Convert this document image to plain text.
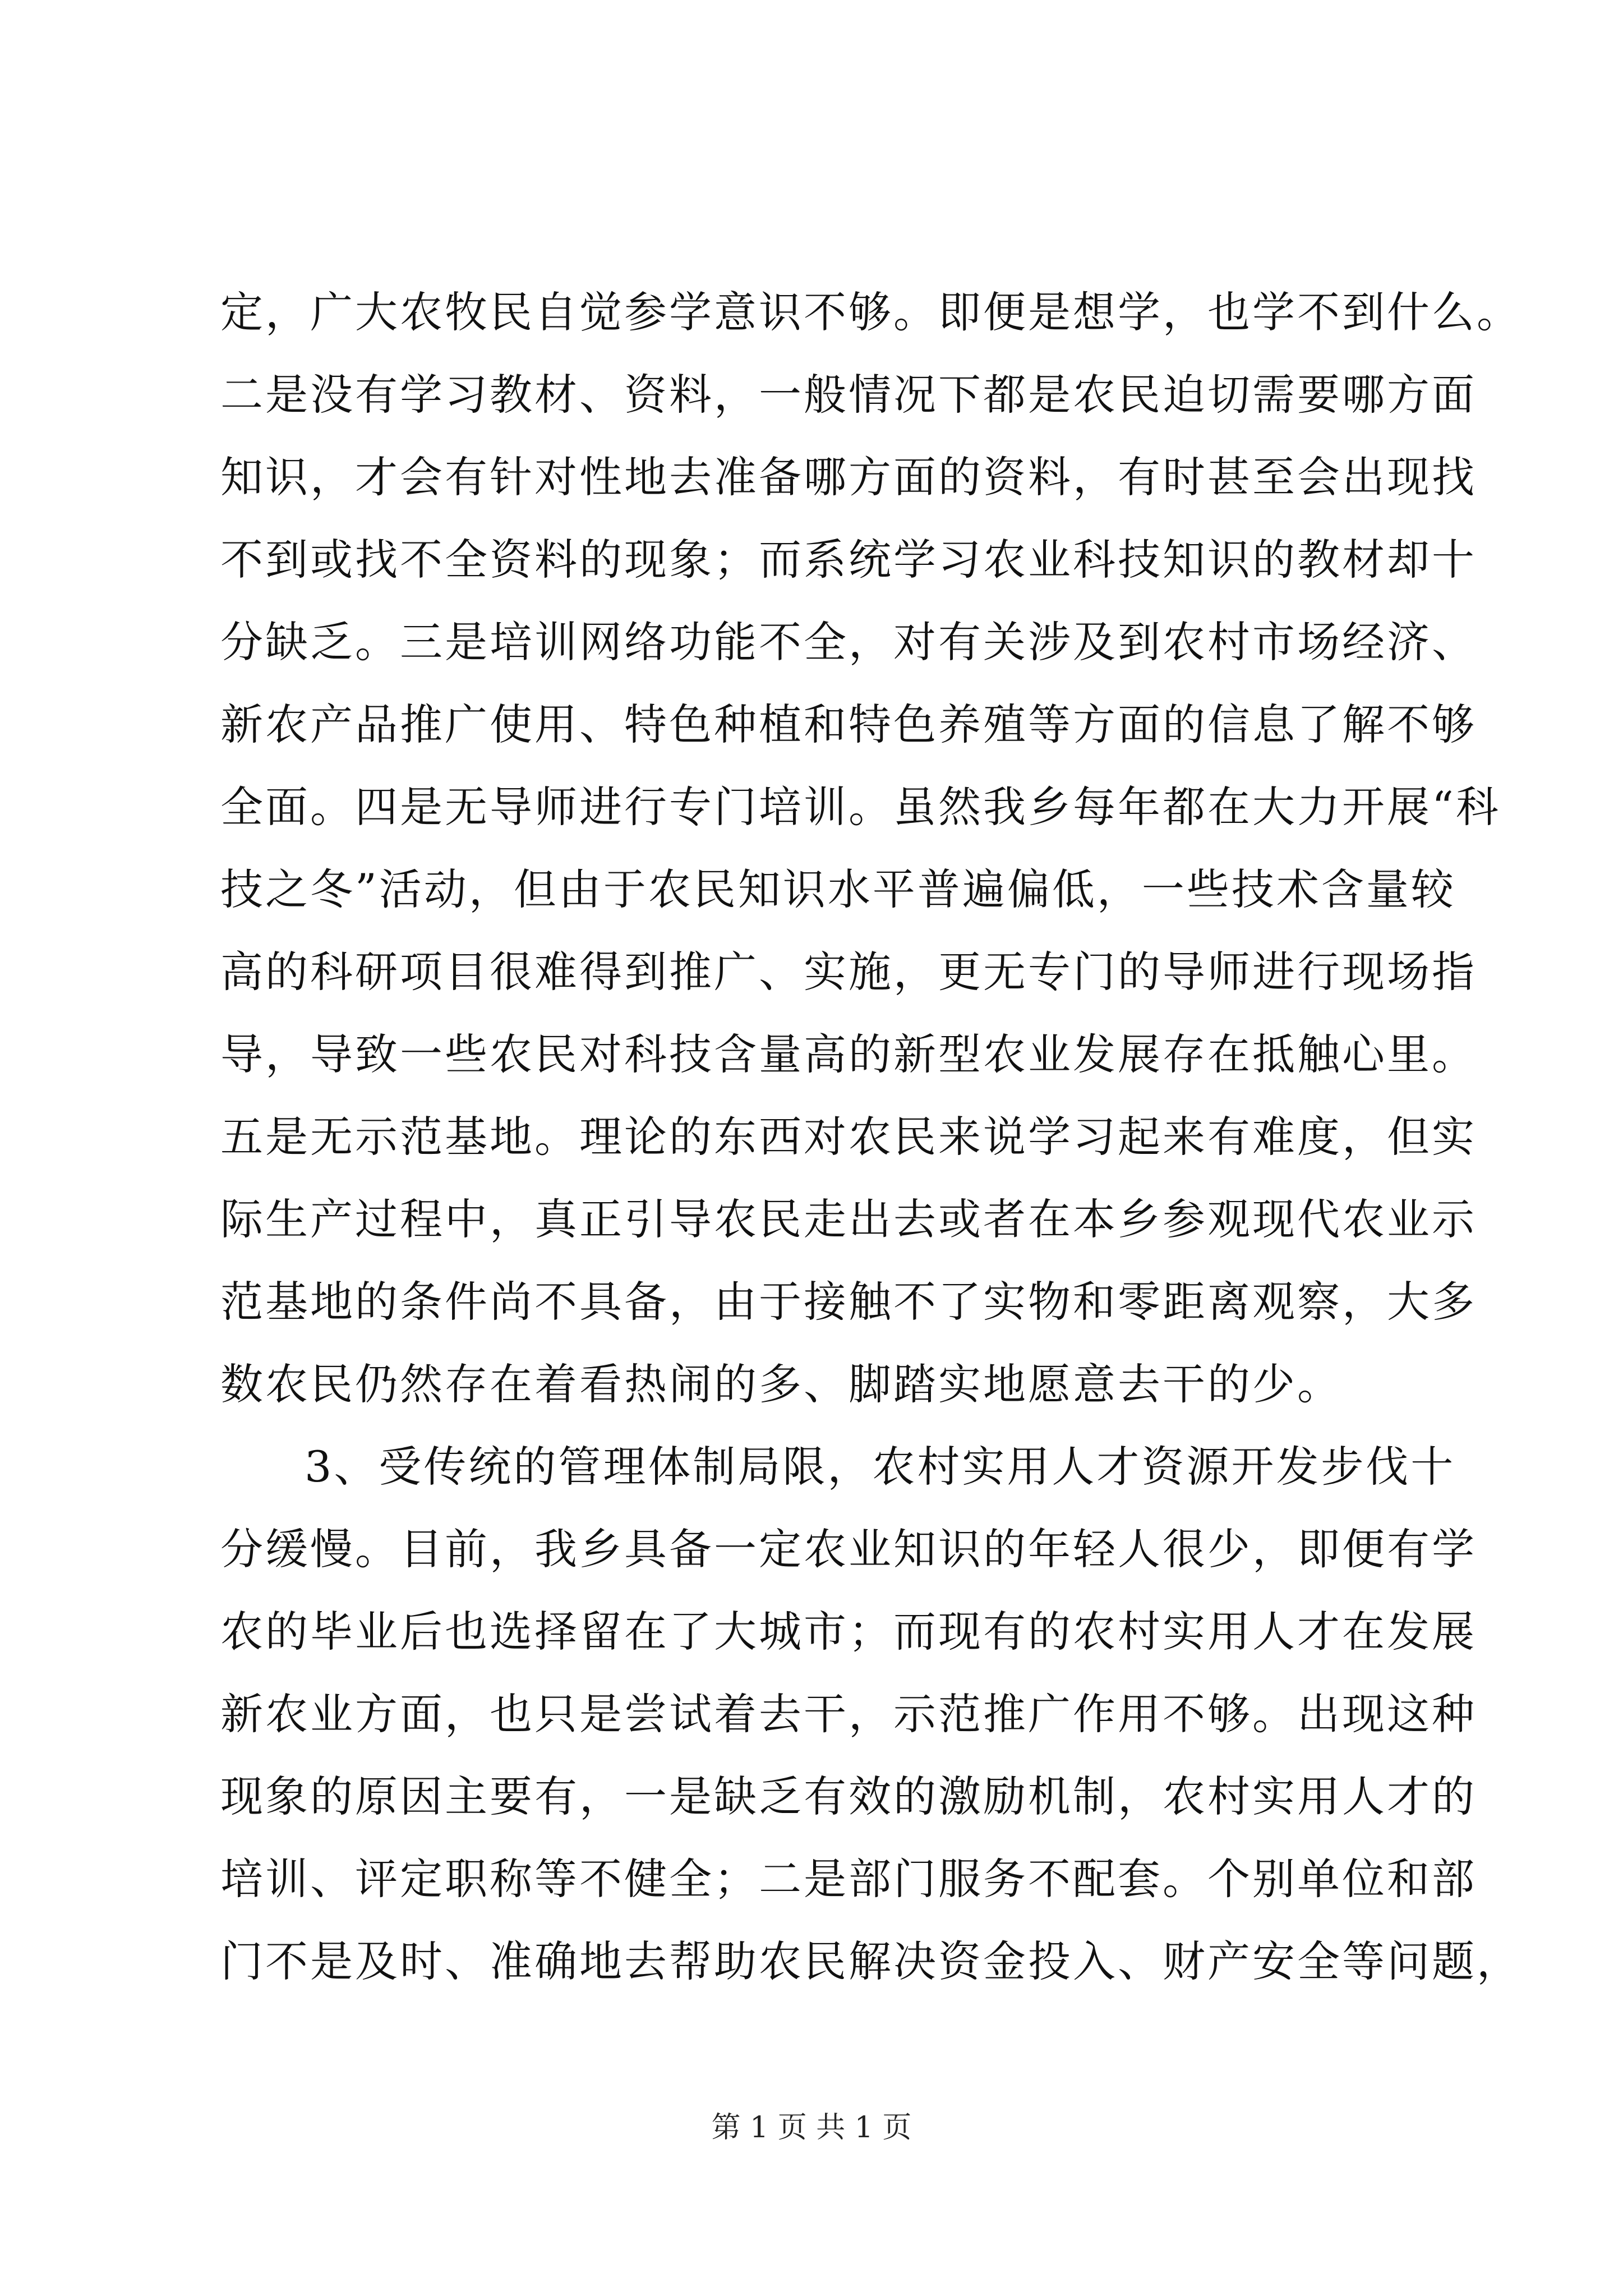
定，广大农牧民自觉参学意识不够。即便是想学，也学不到什么。
二是没有学习教材、资料，一般情况下都是农民迫切需要哪方面
知识，才会有针对性地去准备哪方面的资料，有时甚至会出现找
不到或找不全资料的现象；而系统学习农业科技知识的教材却十
分缺乏。三是培训网络功能不全，对有关涉及到农村市场经济、
新农产品推广使用、特色种植和特色养殖等方面的信息了解不够
全面。四是无导师进行专门培训。虽然我乡每年都在大力开展“科
技之冬”活动，但由于农民知识水平普遍偏低，一些技术含量较
高的科研项目很难得到推广、实施，更无专门的导师进行现场指
导，导致一些农民对科技含量高的新型农业发展存在抵触心里。
五是无示范基地。理论的东西对农民来说学习起来有难度，但实
际生产过程中，真正引导农民走出去或者在本乡参观现代农业示
范基地的条件尚不具备，由于接触不了实物和零距离观察，大多
数农民仍然存在着看热闹的多、脚踏实地愿意去干的少。
3、受传统的管理体制局限，农村实用人才资源开发步伐十
分缓慢。目前，我乡具备一定农业知识的年轻人很少，即便有学
农的毕业后也选择留在了大城市；而现有的农村实用人才在发展
新农业方面，也只是尝试着去干，示范推广作用不够。出现这种
现象的原因主要有，一是缺乏有效的激励机制，农村实用人才的
培训、评定职称等不健全；二是部门服务不配套。个别单位和部
门不是及时、准确地去帮助农民解决资金投入、财产安全等问题，
第 1 页 共 1 页
